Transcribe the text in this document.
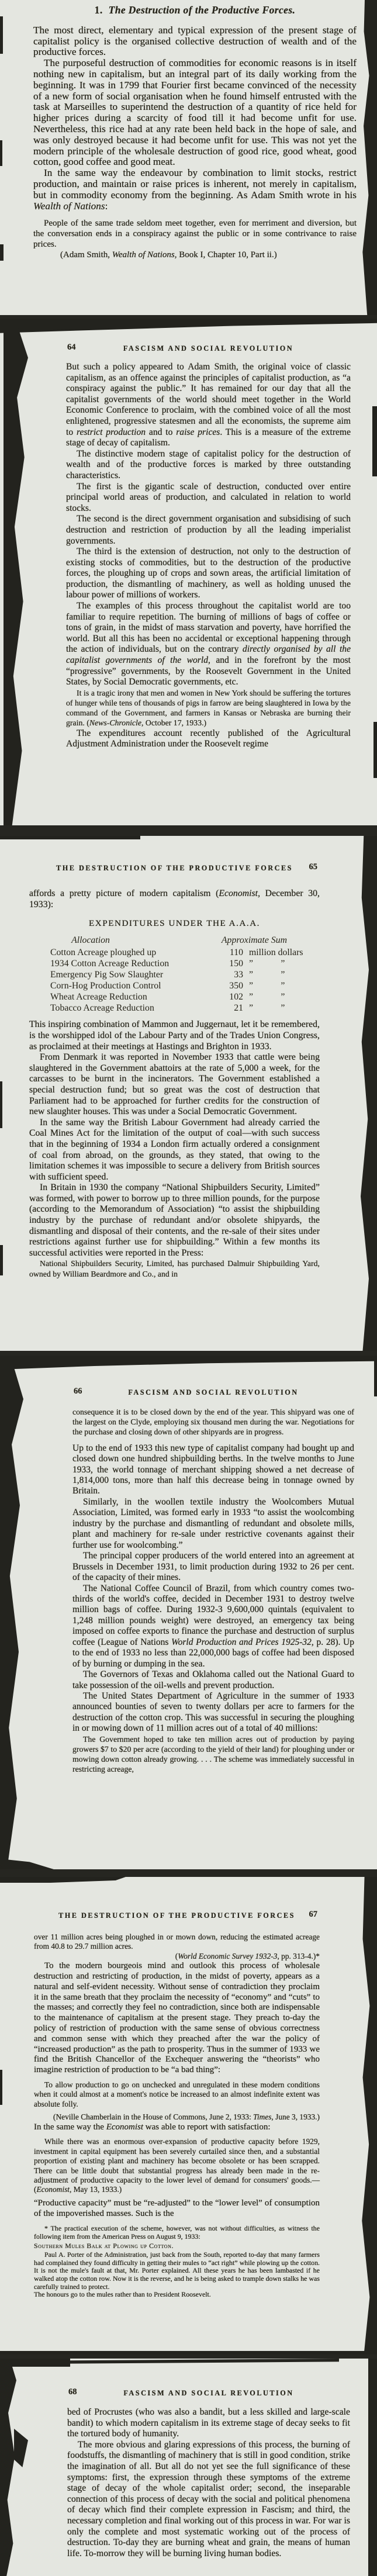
1. The Destruction of the Productive Forces.

The most direct, elementary and typical expression of the present stage of capitalist policy is the organised collective destruction of wealth and of the productive forces.

The purposeful destruction of commodities for economic reasons is in itself nothing new in capitalism, but an integral part of its daily working from the beginning. It was in 1799 that Fourier first became convinced of the necessity of a new form of social organisation when he found himself entrusted with the task at Marseilles to superintend the destruction of a quantity of rice held for higher prices during a scarcity of food till it had become unfit for use. Nevertheless, this rice had at any rate been held back in the hope of sale, and was only destroyed because it had become unfit for use. This was not yet the modern principle of the wholesale destruction of good rice, good wheat, good cotton, good coffee and good meat.

In the same way the endeavour by combination to limit stocks, restrict production, and maintain or raise prices is inherent, not merely in capitalism, but in commodity economy from the beginning. As Adam Smith wrote in his Wealth of Nations:

People of the same trade seldom meet together, even for merriment and diversion, but the conversation ends in a conspiracy against the public or in some contrivance to raise prices.

(Adam Smith, Wealth of Nations, Book I, Chapter 10, Part ii.)

64	FASCISM AND SOCIAL REVOLUTION

But such a policy appeared to Adam Smith, the original voice of classic capitalism, as an offence against the principles of capitalist production, as “a conspiracy against the public.” It has remained for our day that all the capitalist governments of the world should meet together in the World Economic Conference to proclaim, with the combined voice of all the most enlightened, progressive statesmen and all the economists, the supreme aim to restrict production and to raise prices. This is a measure of the extreme stage of decay of capitalism.

The distinctive modern stage of capitalist policy for the destruction of wealth and of the productive forces is marked by three outstanding characteristics.

The first is the gigantic scale of destruction, conducted over entire principal world areas of production, and calculated in relation to world stocks.

The second is the direct government organisation and subsidising of such destruction and restriction of production by all the leading imperialist governments.

The third is the extension of destruction, not only to the destruction of existing stocks of commodities, but to the destruction of the productive forces, the ploughing up of crops and sown areas, the artificial limitation of production, the dismantling of machinery, as well as holding unused the labour power of millions of workers.

The examples of this process throughout the capitalist world are too familiar to require repetition. The burning of millions of bags of coffee or tons of grain, in the midst of mass starvation and poverty, have horrified the world. But all this has been no accidental or exceptional happening through the action of individuals, but on the contrary directly organised by all the capitalist governments of the world, and in the forefront by the most “progressive” governments, by the Roosevelt Government in the United States, by Social Democratic governments, etc.

It is a tragic irony that men and women in New York should be suffering the tortures of hunger while tens of thousands of pigs in farrow are being slaughtered in Iowa by the command of the Government, and farmers in Kansas or Nebraska are burning their grain. (News-Chronicle, October 17, 1933.)

The expenditures account recently published of the Agricultural Adjustment Administration under the Roosevelt regime

THE DESTRUCTION OF THE PRODUCTIVE FORCES	65

affords a pretty picture of modern capitalism (Economist, December 30, 1933):

EXPENDITURES UNDER THE A.A.A.
Allocation	Approximate Sum
Cotton Acreage ploughed up	110 million dollars
1934 Cotton Acreage Reduction	150 ”   ”
Emergency Pig Sow Slaughter	33 ”   ”
Corn-Hog Production Control	350 ”   ”
Wheat Acreage Reduction	102 ”   ”
Tobacco Acreage Reduction	21 ”   ”

This inspiring combination of Mammon and Juggernaut, let it be remembered, is the worshipped idol of the Labour Party and of the Trades Union Congress, as proclaimed at their meetings at Hastings and Brighton in 1933.

From Denmark it was reported in November 1933 that cattle were being slaughtered in the Government abattoirs at the rate of 5,000 a week, for the carcasses to be burnt in the incinerators. The Government established a special destruction fund; but so great was the cost of destruction that Parliament had to be approached for further credits for the construction of new slaughter houses. This was under a Social Democratic Government.

In the same way the British Labour Government had already carried the Coal Mines Act for the limitation of the output of coal—with such success that in the beginning of 1934 a London firm actually ordered a consignment of coal from abroad, on the grounds, as they stated, that owing to the limitation schemes it was impossible to secure a delivery from British sources with sufficient speed.

In Britain in 1930 the company “National Shipbuilders Security, Limited” was formed, with power to borrow up to three million pounds, for the purpose (according to the Memorandum of Association) “to assist the shipbuilding industry by the purchase of redundant and/or obsolete shipyards, the dismantling and disposal of their contents, and the re-sale of their sites under restrictions against further use for shipbuilding.” Within a few months its successful activities were reported in the Press:

National Shipbuilders Security, Limited, has purchased Dalmuir Shipbuilding Yard, owned by William Beardmore and Co., and in

66	FASCISM AND SOCIAL REVOLUTION

consequence it is to be closed down by the end of the year. This shipyard was one of the largest on the Clyde, employing six thousand men during the war. Negotiations for the purchase and closing down of other shipyards are in progress.

Up to the end of 1933 this new type of capitalist company had bought up and closed down one hundred shipbuilding berths. In the twelve months to June 1933, the world tonnage of merchant shipping showed a net decrease of 1,814,000 tons, more than half this decrease being in tonnage owned by Britain.

Similarly, in the woollen textile industry the Woolcombers Mutual Association, Limited, was formed early in 1933 “to assist the woolcombing industry by the purchase and dismantling of redundant and obsolete mills, plant and machinery for re-sale under restrictive covenants against their further use for woolcombing.”

The principal copper producers of the world entered into an agreement at Brussels in December 1931, to limit production during 1932 to 26 per cent. of the capacity of their mines.

The National Coffee Council of Brazil, from which country comes two-thirds of the world's coffee, decided in December 1931 to destroy twelve million bags of coffee. During 1932-3 9,600,000 quintals (equivalent to 1,248 million pounds weight) were destroyed, an emergency tax being imposed on coffee exports to finance the purchase and destruction of surplus coffee (League of Nations World Production and Prices 1925-32, p. 28). Up to the end of 1933 no less than 22,000,000 bags of coffee had been disposed of by burning or dumping in the sea.

The Governors of Texas and Oklahoma called out the National Guard to take possession of the oil-wells and prevent production.

The United States Department of Agriculture in the summer of 1933 announced bounties of seven to twenty dollars per acre to farmers for the destruction of the cotton crop. This was successful in securing the ploughing in or mowing down of 11 million acres out of a total of 40 millions:

The Government hoped to take ten million acres out of production by paying growers $7 to $20 per acre (according to the yield of their land) for ploughing under or mowing down cotton already growing. . . . The scheme was immediately successful in restricting acreage,

THE DESTRUCTION OF THE PRODUCTIVE FORCES	67

over 11 million acres being ploughed in or mown down, reducing the estimated acreage from 40.8 to 29.7 million acres.

(World Economic Survey 1932-3, pp. 313-4.)*

To the modern bourgeois mind and outlook this process of wholesale destruction and restricting of production, in the midst of poverty, appears as a natural and self-evident necessity. Without sense of contradiction they proclaim it in the same breath that they proclaim the necessity of “economy” and “cuts” to the masses; and correctly they feel no contradiction, since both are indispensable to the maintenance of capitalism at the present stage. They preach to-day the policy of restriction of production with the same sense of obvious correctness and common sense with which they preached after the war the policy of “increased production” as the path to prosperity. Thus in the summer of 1933 we find the British Chancellor of the Exchequer answering the “theorists” who imagine restriction of production to be “a bad thing”:

To allow production to go on unchecked and unregulated in these modern conditions when it could almost at a moment's notice be increased to an almost indefinite extent was absolute folly.

(Neville Chamberlain in the House of Commons, June 2, 1933: Times, June 3, 1933.)

In the same way the Economist was able to report with satisfaction:

While there was an enormous over-expansion of productive capacity before 1929, investment in capital equipment has been severely curtailed since then, and a substantial proportion of existing plant and machinery has become obsolete or has been scrapped. There can be little doubt that substantial progress has already been made in the re-adjustment of productive capacity to the lower level of demand for consumers' goods.—(Economist, May 13, 1933.)

“Productive capacity” must be “re-adjusted” to the “lower level” of consumption of the impoverished masses. Such is the

* The practical execution of the scheme, however, was not without difficulties, as witness the following item from the American Press on August 9, 1933:

Southern Mules Balk at Plowing up Cotton.

Paul A. Porter of the Administration, just back from the South, reported to-day that many farmers had complained they found difficulty in getting their mules to “act right” while plowing up the cotton. It is not the mule's fault at that, Mr. Porter explained. All these years he has been lambasted if he walked atop the cotton row. Now it is the reverse, and he is being asked to trample down stalks he was carefully trained to protect.

The honours go to the mules rather than to President Roosevelt.

68	FASCISM AND SOCIAL REVOLUTION

bed of Procrustes (who was also a bandit, but a less skilled and large-scale bandit) to which modern capitalism in its extreme stage of decay seeks to fit the tortured body of humanity.

The more obvious and glaring expressions of this process, the burning of foodstuffs, the dismantling of machinery that is still in good condition, strike the imagination of all. But all do not yet see the full significance of these symptoms: first, the expression through these symptoms of the extreme stage of decay of the whole capitalist order; second, the inseparable connection of this process of decay with the social and political phenomena of decay which find their complete expression in Fascism; and third, the necessary completion and final working out of this process in war. For war is only the complete and most systematic working out of the process of destruction. To-day they are burning wheat and grain, the means of human life. To-morrow they will be burning living human bodies.
